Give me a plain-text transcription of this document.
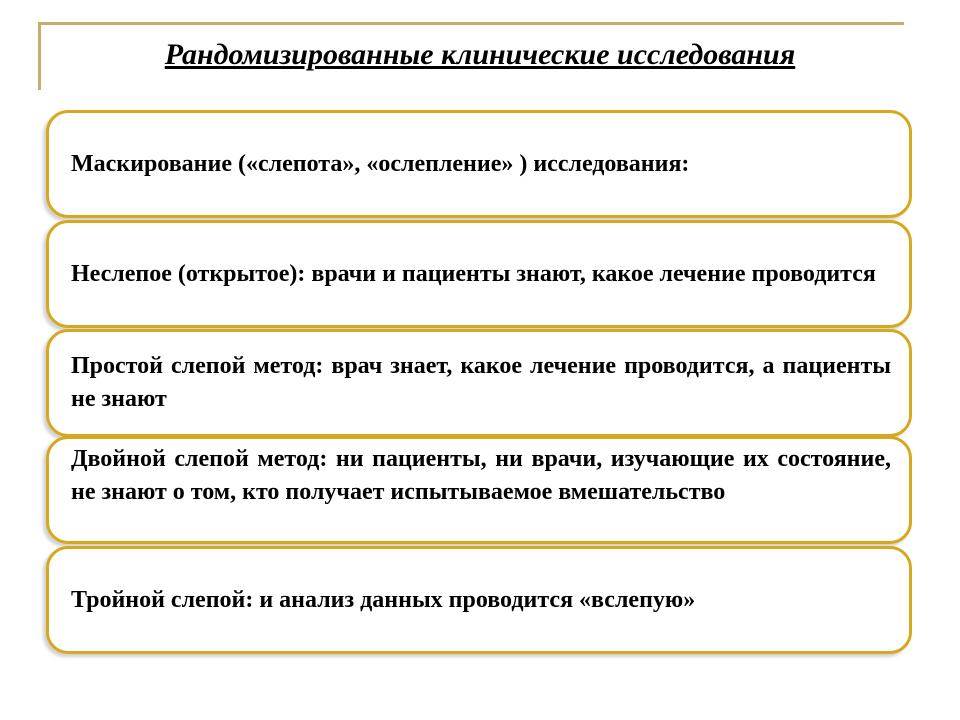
Рандомизированные клинические исследования
Маскирование («слепота», «ослепление» ) исследования:
Неслепое (открытое): врачи и пациенты знают, какое лечение проводится
Простой слепой метод: врач знает, какое лечение проводится, а пациенты не знают
Двойной слепой метод: ни пациенты, ни врачи, изучающие их состояние, не знают о том, кто получает испытываемое вмешательство
Тройной слепой: и анализ данных проводится «вслепую»
